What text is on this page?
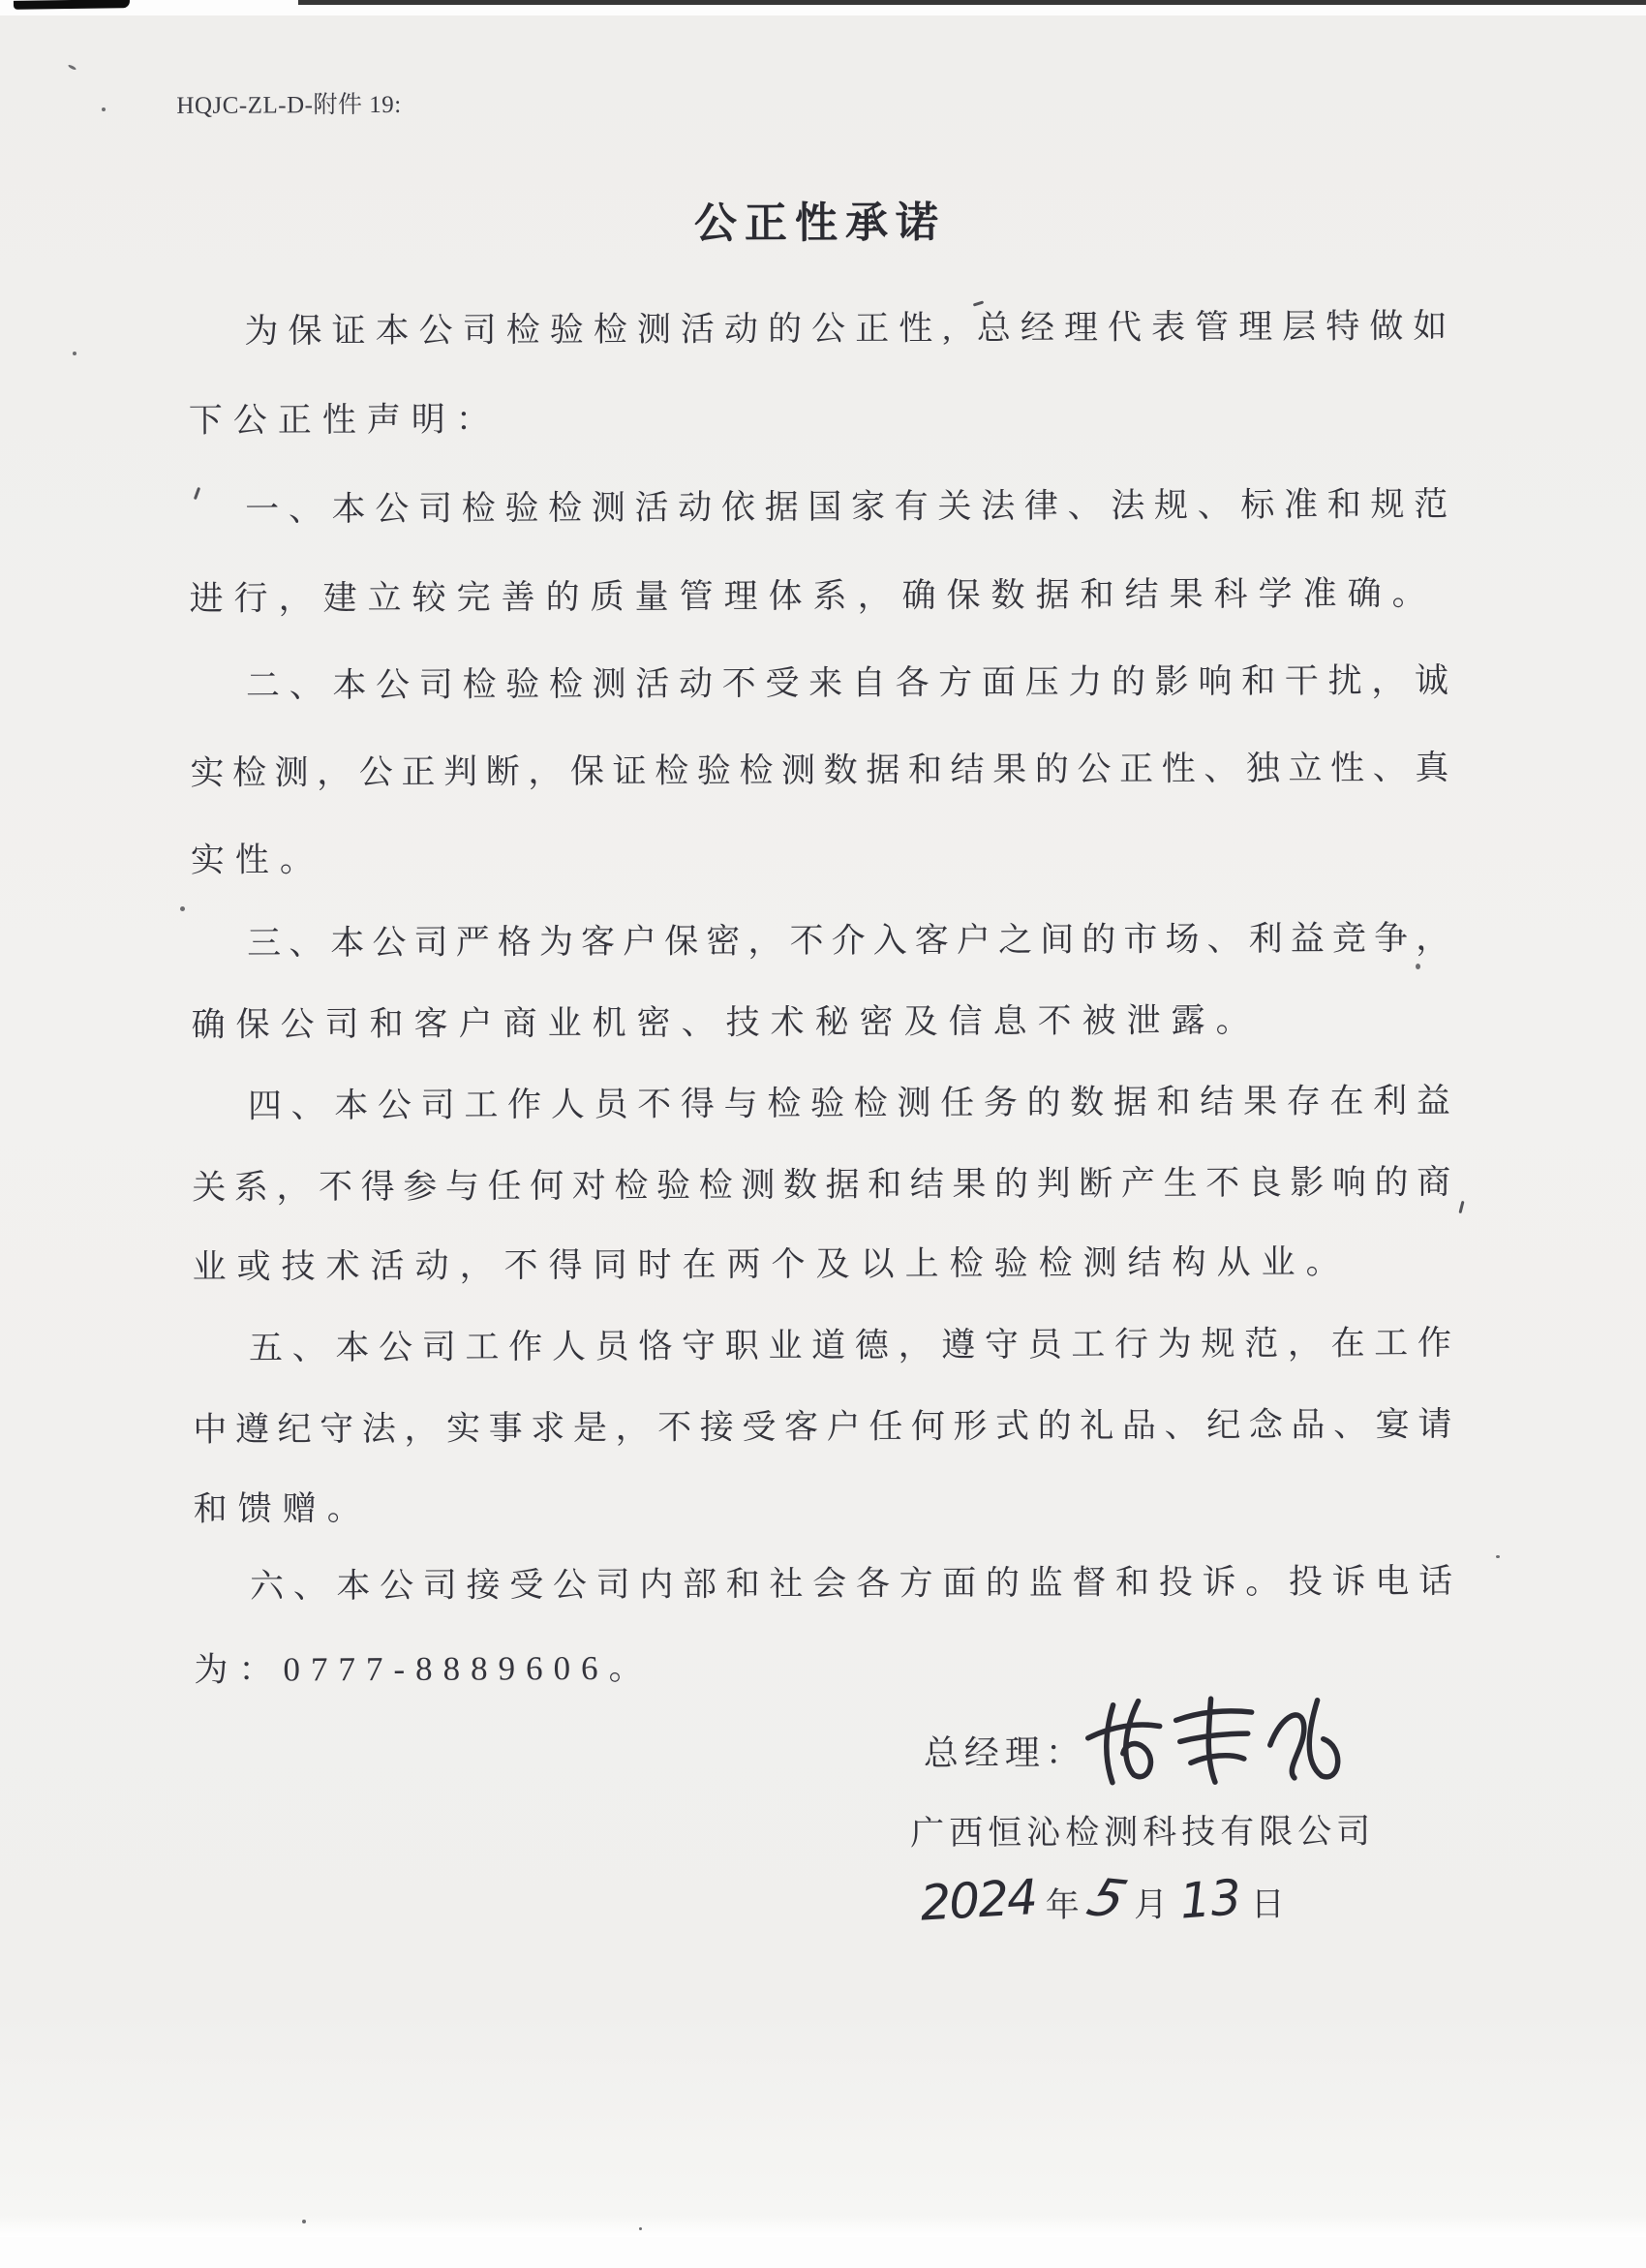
HQJC-ZL-D-附件 19:
公正性承诺
为保证本公司检验检测活动的公正性, 总经理代表管理层特做如
下公正性声明：
一、本公司检验检测活动依据国家有关法律、法规、标准和规范
进行，建立较完善的质量管理体系，确保数据和结果科学准确。
二、本公司检验检测活动不受来自各方面压力的影响和干扰，诚
实检测，公正判断，保证检验检测数据和结果的公正性、独立性、真
实性。
三、本公司严格为客户保密，不介入客户之间的市场、利益竞争，
确保公司和客户商业机密、技术秘密及信息不被泄露。
四、本公司工作人员不得与检验检测任务的数据和结果存在利益
关系，不得参与任何对检验检测数据和结果的判断产生不良影响的商
业或技术活动，不得同时在两个及以上检验检测结构从业。
五、本公司工作人员恪守职业道德，遵守员工行为规范，在工作
中遵纪守法，实事求是，不接受客户任何形式的礼品、纪念品、宴请
和馈赠。
六、本公司接受公司内部和社会各方面的监督和投诉。投诉电话
为：0777-8889606。
总经理：
广西恒沁检测科技有限公司
2024 年 5 月 13 日
